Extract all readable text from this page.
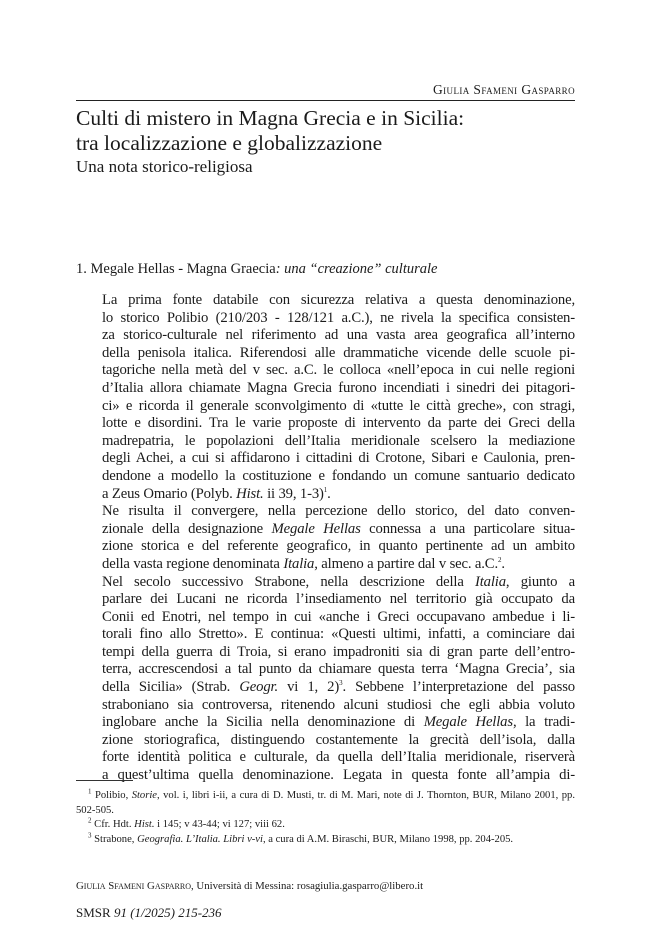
Giulia Sfameni Gasparro
Culti di mistero in Magna Grecia e in Sicilia:
tra localizzazione e globalizzazione
Una nota storico-religiosa
1. Megale Hellas - Magna Graecia: una “creazione” culturale

La prima fonte databile con sicurezza relativa a questa denominazione,
lo storico Polibio (210/203 - 128/121 a.C.), ne rivela la specifica consisten-
za storico-culturale nel riferimento ad una vasta area geografica all’interno
della penisola italica. Riferendosi alle drammatiche vicende delle scuole pi-
tagoriche nella metà del v sec. a.C. le colloca «nell’epoca in cui nelle regioni
d’Italia allora chiamate Magna Grecia furono incendiati i sinedri dei pitagori-
ci» e ricorda il generale sconvolgimento di «tutte le città greche», con stragi,
lotte e disordini. Tra le varie proposte di intervento da parte dei Greci della
madrepatria, le popolazioni dell’Italia meridionale scelsero la mediazione
degli Achei, a cui si affidarono i cittadini di Crotone, Sibari e Caulonia, pren-
dendone a modello la costituzione e fondando un comune santuario dedicato
a Zeus Omario (Polyb. Hist. ii 39, 1-3)$^1$.

Ne risulta il convergere, nella percezione dello storico, del dato conven-
zionale della designazione Megale Hellas connessa a una particolare situa-
zione storica e del referente geografico, in quanto pertinente ad un ambito
della vasta regione denominata Italia, almeno a partire dal v sec. a.C.$^2$.

Nel secolo successivo Strabone, nella descrizione della Italia, giunto a
parlare dei Lucani ne ricorda l’insediamento nel territorio già occupato da
Conii ed Enotri, nel tempo in cui «anche i Greci occupavano ambedue i li-
torali fino allo Stretto». E continua: «Questi ultimi, infatti, a cominciare dai
tempi della guerra di Troia, si erano impadroniti sia di gran parte dell’entro-
terra, accrescendosi a tal punto da chiamare questa terra ‘Magna Grecia’, sia
della Sicilia» (Strab. Geogr. vi 1, 2)$^3$. Sebbene l’interpretazione del passo
straboniano sia controversa, ritenendo alcuni studiosi che egli abbia voluto
inglobare anche la Sicilia nella denominazione di Megale Hellas, la tradi-
zione storiografica, distinguendo costantemente la grecità dell’isola, dalla
forte identità politica e culturale, da quella dell’Italia meridionale, riserverà
a quest’ultima quella denominazione. Legata in questa fonte all’ampia di-

$^1$ Polibio, Storie, vol. i, libri i-ii, a cura di D. Musti, tr. di M. Mari, note di J. Thornton, BUR, Milano 2001, pp. 502-505.
$^2$ Cfr. Hdt. Hist. i 145; v 43-44; vi 127; viii 62.
$^3$ Strabone, Geografia. L’Italia. Libri v-vi, a cura di A.M. Biraschi, BUR, Milano 1998, pp. 204-205.
Giulia Sfameni Gasparro, Università di Messina: rosagiulia.gasparro@libero.it
SMSR 91 (1/2025) 215-236
